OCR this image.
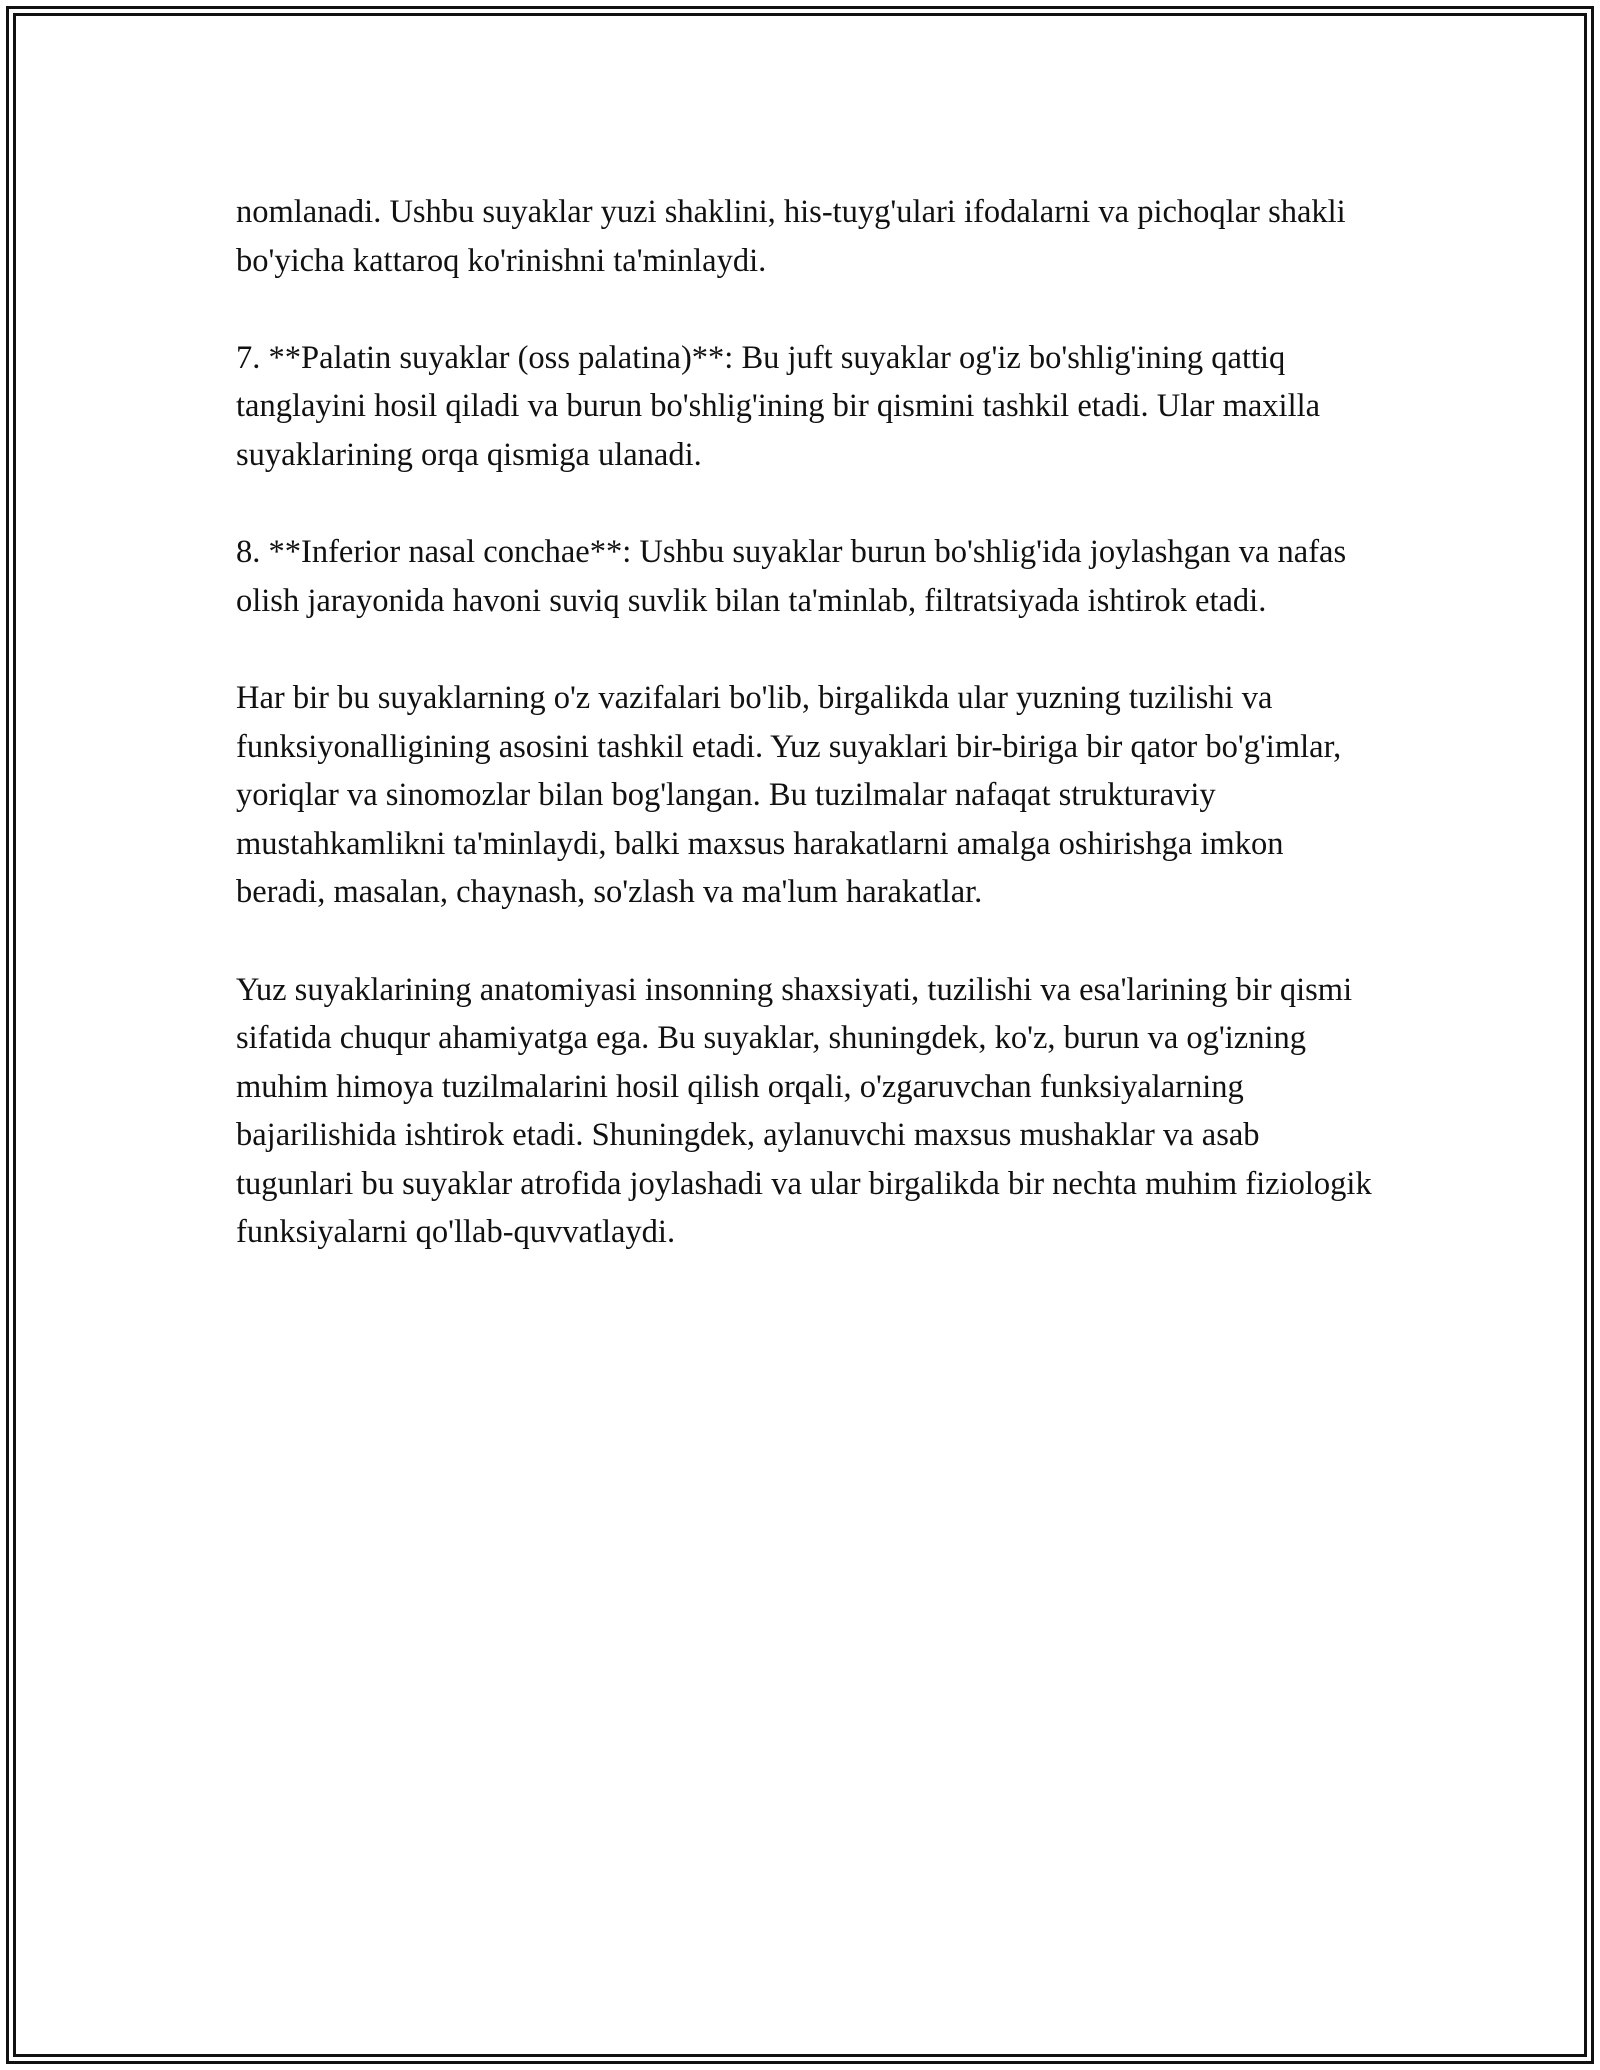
nomlanadi. Ushbu suyaklar yuzi shaklini, his-tuyg'ulari ifodalarni va pichoqlar shakli bo'yicha kattaroq ko'rinishni ta'minlaydi.

7. **Palatin suyaklar (oss palatina)**: Bu juft suyaklar og'iz bo'shlig'ining qattiq tanglayini hosil qiladi va burun bo'shlig'ining bir qismini tashkil etadi. Ular maxilla suyaklarining orqa qismiga ulanadi.

8. **Inferior nasal conchae**: Ushbu suyaklar burun bo'shlig'ida joylashgan va nafas olish jarayonida havoni suviq suvlik bilan ta'minlab, filtratsiyada ishtirok etadi.

Har bir bu suyaklarning o'z vazifalari bo'lib, birgalikda ular yuzning tuzilishi va funksiyonalligining asosini tashkil etadi. Yuz suyaklari bir-biriga bir qator bo'g'imlar, yoriqlar va sinomozlar bilan bog'langan. Bu tuzilmalar nafaqat strukturaviy mustahkamlikni ta'minlaydi, balki maxsus harakatlarni amalga oshirishga imkon beradi, masalan, chaynash, so'zlash va ma'lum harakatlar.

Yuz suyaklarining anatomiyasi insonning shaxsiyati, tuzilishi va esa'larining bir qismi sifatida chuqur ahamiyatga ega. Bu suyaklar, shuningdek, ko'z, burun va og'izning muhim himoya tuzilmalarini hosil qilish orqali, o'zgaruvchan funksiyalarning bajarilishida ishtirok etadi. Shuningdek, aylanuvchi maxsus mushaklar va asab tugunlari bu suyaklar atrofida joylashadi va ular birgalikda bir nechta muhim fiziologik funksiyalarni qo'llab-quvvatlaydi.
